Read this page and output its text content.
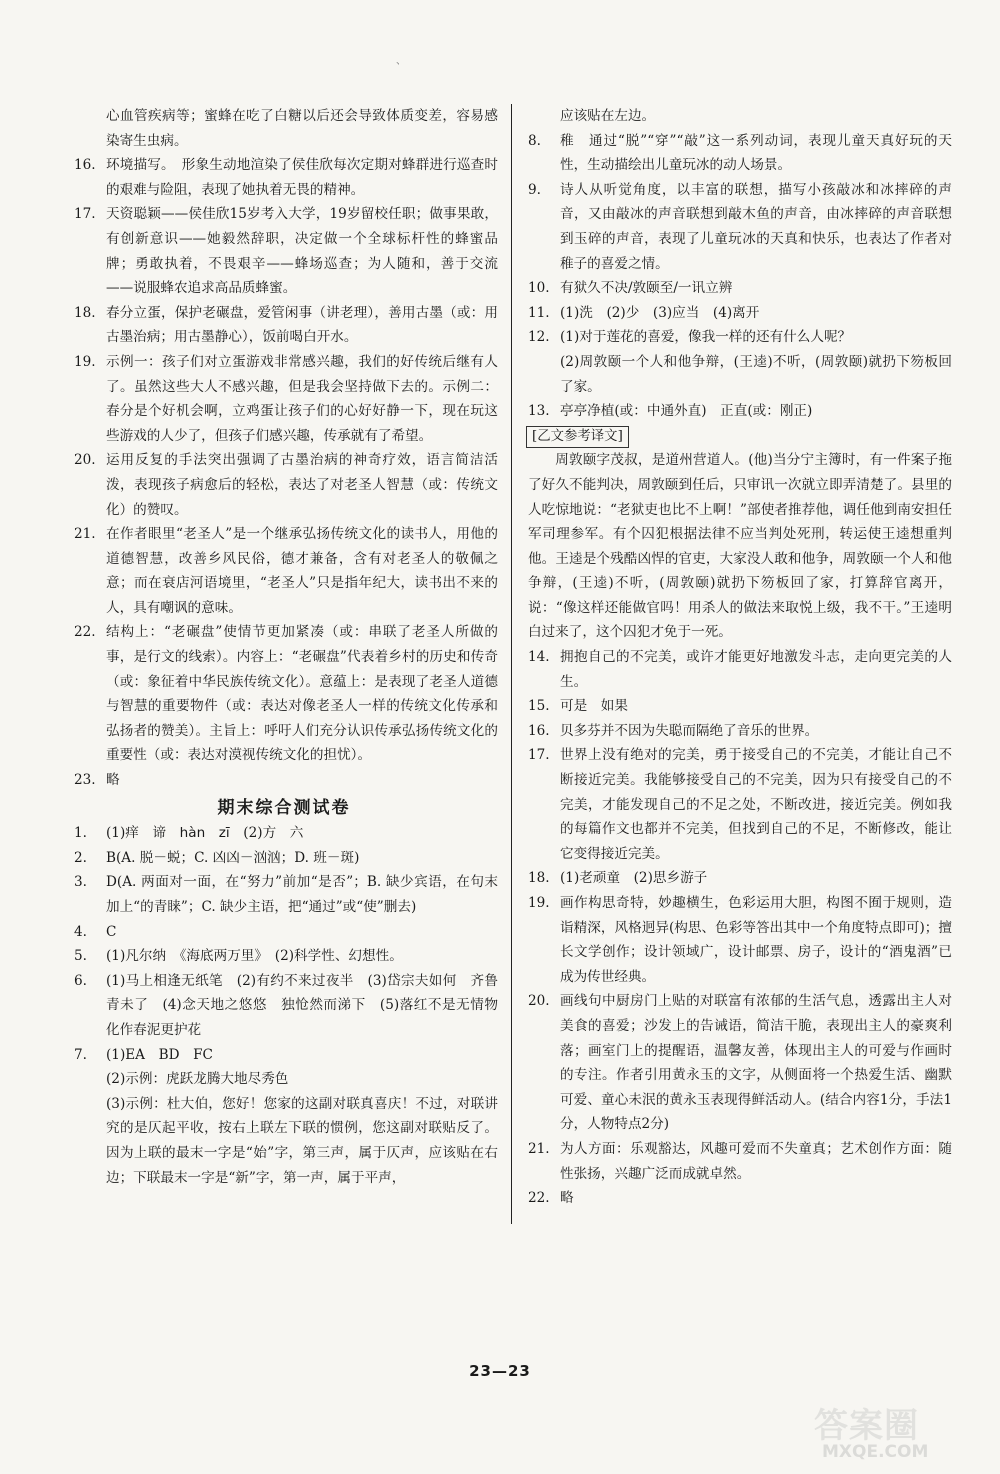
、
心血管疾病等；蜜蜂在吃了白糖以后还会导致体质变差，容易感染寄生虫病。
16. 环境描写。　形象生动地渲染了侯佳欣每次定期对蜂群进行巡查时的艰难与险阻，表现了她执着无畏的精神。
17. 天资聪颖——侯佳欣15岁考入大学，19岁留校任职；做事果敢，有创新意识——她毅然辞职，决定做一个全球标杆性的蜂蜜品牌；勇敢执着，不畏艰辛——蜂场巡查；为人随和，善于交流——说服蜂农追求高品质蜂蜜。
18. 春分立蛋，保护老碾盘，爱管闲事（讲老理），善用古墨（或：用古墨治病；用古墨静心），饭前喝白开水。
19. 示例一：孩子们对立蛋游戏非常感兴趣，我们的好传统后继有人了。虽然这些大人不感兴趣，但是我会坚持做下去的。示例二：春分是个好机会啊，立鸡蛋让孩子们的心好好静一下，现在玩这些游戏的人少了，但孩子们感兴趣，传承就有了希望。
20. 运用反复的手法突出强调了古墨治病的神奇疗效，语言简洁活泼，表现孩子病愈后的轻松，表达了对老圣人智慧（或：传统文化）的赞叹。
21. 在作者眼里“老圣人”是一个继承弘扬传统文化的读书人，用他的道德智慧，改善乡风民俗，德才兼备，含有对老圣人的敬佩之意；而在衰店河语境里，“老圣人”只是指年纪大，读书出不来的人，具有嘲讽的意味。
22. 结构上：“老碾盘”使情节更加紧凑（或：串联了老圣人所做的事，是行文的线索）。内容上：“老碾盘”代表着乡村的历史和传奇（或：象征着中华民族传统文化）。意蕴上：是表现了老圣人道德与智慧的重要物件（或：表达对像老圣人一样的传统文化传承和弘扬者的赞美）。主旨上：呼吁人们充分认识传承弘扬传统文化的重要性（或：表达对漠视传统文化的担忧）。
23. 略
期末综合测试卷
1. (1)痒　谛　hàn　zī　(2)方　六
2. B(A. 脱－蜕；C. 凶凶－汹汹；D. 班－斑)
3. D(A. 两面对一面，在“努力”前加“是否”；B. 缺少宾语，在句末加上“的青睐”；C. 缺少主语，把“通过”或“使”删去)
4. C
5. (1)凡尔纳　《海底两万里》　(2)科学性、幻想性。
6. (1)马上相逢无纸笔　(2)有约不来过夜半　(3)岱宗夫如何　齐鲁青未了　(4)念天地之悠悠　独怆然而涕下　(5)落红不是无情物　化作春泥更护花
7. (1)EA　BD　FC
(2)示例：虎跃龙腾大地尽秀色
(3)示例：杜大伯，您好！您家的这副对联真喜庆！不过，对联讲究的是仄起平收，按右上联左下联的惯例，您这副对联贴反了。因为上联的最末一字是“始”字，第三声，属于仄声，应该贴在右边；下联最末一字是“新”字，第一声，属于平声，
应该贴在左边。
8. 稚　通过“脱”“穿”“敲”这一系列动词，表现儿童天真好玩的天性，生动描绘出儿童玩冰的动人场景。
9. 诗人从听觉角度，以丰富的联想，描写小孩敲冰和冰摔碎的声音，又由敲冰的声音联想到敲木鱼的声音，由冰摔碎的声音联想到玉碎的声音，表现了儿童玩冰的天真和快乐，也表达了作者对稚子的喜爱之情。
10. 有狱久不决/敦颐至/一讯立辨
11. (1)洗　(2)少　(3)应当　(4)离开
12. (1)对于莲花的喜爱，像我一样的还有什么人呢？
(2)周敦颐一个人和他争辩，(王逵)不听，(周敦颐)就扔下笏板回了家。
13. 亭亭净植(或：中通外直)　正直(或：刚正)
[乙文参考译文]
周敦颐字茂叔，是道州营道人。(他)当分宁主簿时，有一件案子拖了好久不能判决，周敦颐到任后，只审讯一次就立即弄清楚了。县里的人吃惊地说：“老狱吏也比不上啊！”部使者推荐他，调任他到南安担任军司理参军。有个囚犯根据法律不应当判处死刑，转运使王逵想重判他。王逵是个残酷凶悍的官吏，大家没人敢和他争，周敦颐一个人和他争辩，(王逵)不听，(周敦颐)就扔下笏板回了家，打算辞官离开，说：“像这样还能做官吗！用杀人的做法来取悦上级，我不干。”王逵明白过来了，这个囚犯才免于一死。
14. 拥抱自己的不完美，或许才能更好地激发斗志，走向更完美的人生。
15. 可是　如果
16. 贝多芬并不因为失聪而隔绝了音乐的世界。
17. 世界上没有绝对的完美，勇于接受自己的不完美，才能让自己不断接近完美。我能够接受自己的不完美，因为只有接受自己的不完美，才能发现自己的不足之处，不断改进，接近完美。例如我的每篇作文也都并不完美，但找到自己的不足，不断修改，能让它变得接近完美。
18. (1)老顽童　(2)思乡游子
19. 画作构思奇特，妙趣横生，色彩运用大胆，构图不囿于规则，造诣精深，风格迥异(构思、色彩等答出其中一个角度特点即可)；擅长文学创作；设计领域广，设计邮票、房子，设计的“酒鬼酒”已成为传世经典。
20. 画线句中厨房门上贴的对联富有浓郁的生活气息，透露出主人对美食的喜爱；沙发上的告诫语，简洁干脆，表现出主人的豪爽利落；画室门上的提醒语，温馨友善，体现出主人的可爱与作画时的专注。作者引用黄永玉的文字，从侧面将一个热爱生活、幽默可爱、童心未泯的黄永玉表现得鲜活动人。(结合内容1分，手法1分，人物特点2分)
21. 为人方面：乐观豁达，风趣可爱而不失童真；艺术创作方面：随性张扬，兴趣广泛而成就卓然。
22. 略
23—23
答案圈
MXQE.COM
